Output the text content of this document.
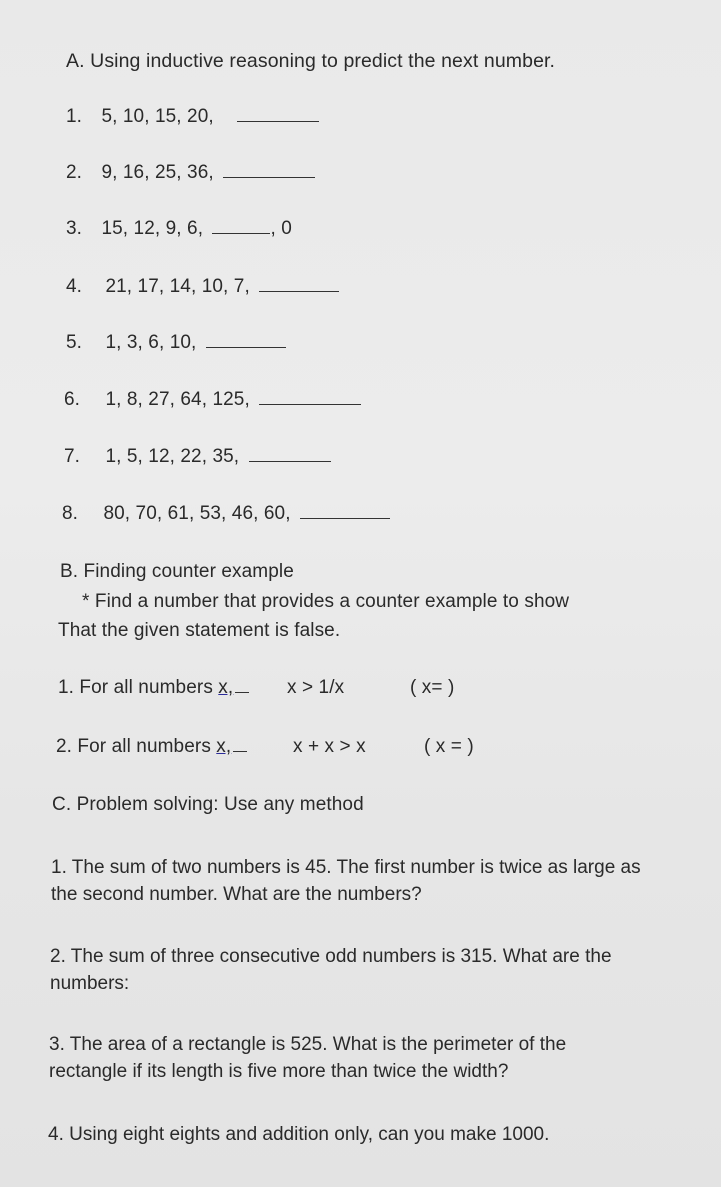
A. Using inductive reasoning to predict the next number.
1. 5, 10, 15, 20,
2. 9, 16, 25, 36,
3. 15, 12, 9, 6,	, 0
4. 21, 17, 14, 10, 7,
5. 1, 3, 6, 10,
6. 1, 8, 27, 64, 125,
7. 1, 5, 12, 22, 35,
8. 80, 70, 61, 53, 46, 60,
B. Finding counter example
* Find a number that provides a counter example to show
That the given statement is false.
1. For all numbers x,	x > 1/x	( x= )
2. For all numbers x,	x + x > x	( x = )
C. Problem solving: Use any method
1. The sum of two numbers is 45. The first number is twice as large as the second number. What are the numbers?
2. The sum of three consecutive odd numbers is 315. What are the numbers:
3. The area of a rectangle is 525. What is the perimeter of the rectangle if its length is five more than twice the width?
4. Using eight eights and addition only, can you make 1000.
